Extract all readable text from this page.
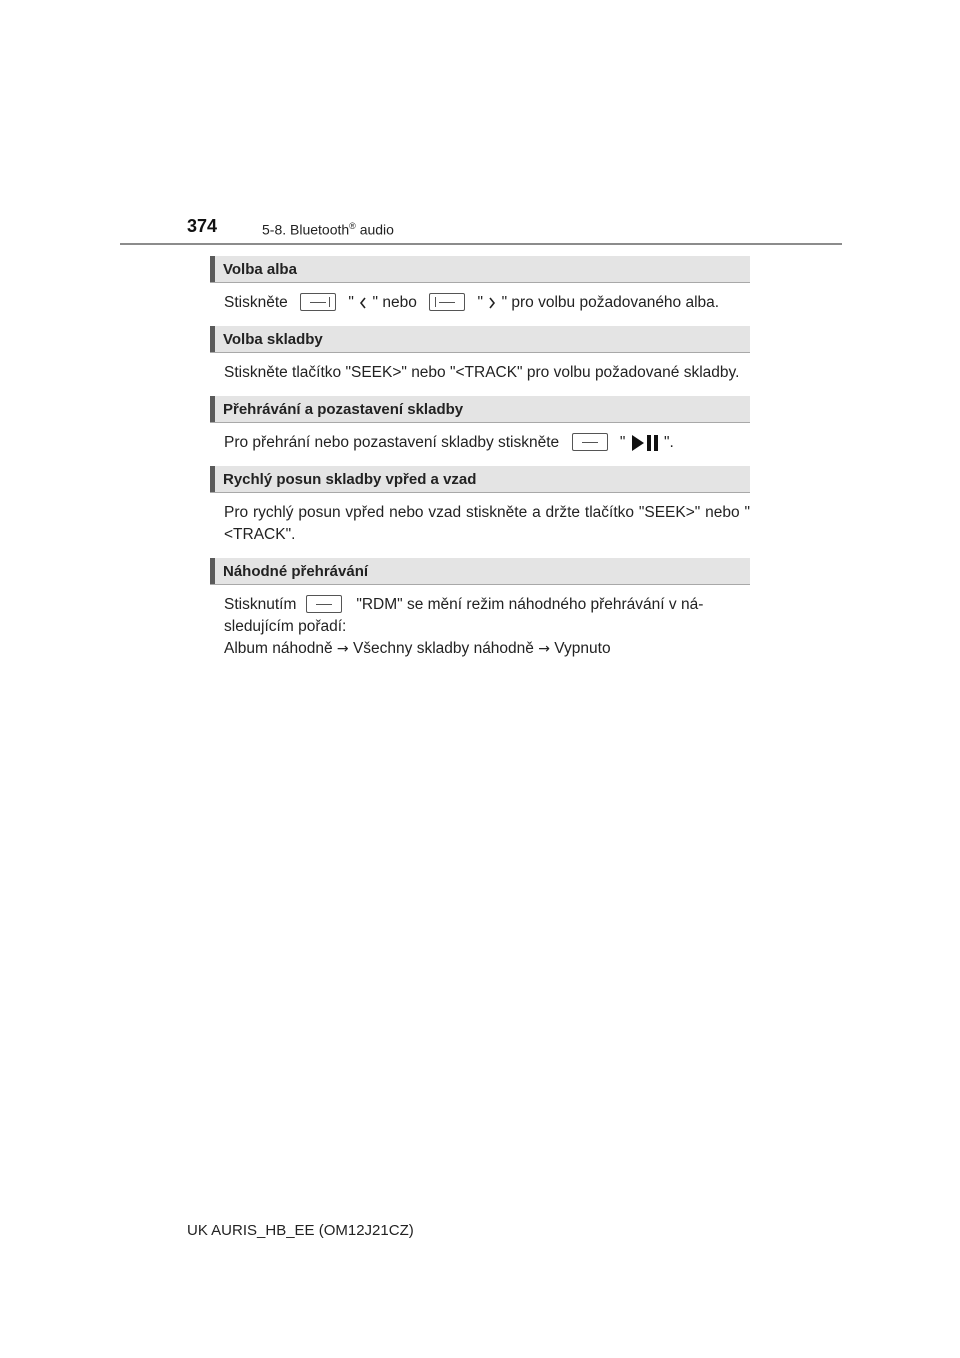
374	5-8. Bluetooth® audio
Volba alba
Stiskněte	" " nebo	" " pro volbu požadovaného alba.
Volba skladby
Stiskněte tlačítko "SEEK>" nebo "<TRACK" pro volbu požadované skladby.
Přehrávání a pozastavení skladby
Pro přehrání nebo pozastavení skladby stiskněte	" ".
Rychlý posun skladby vpřed a vzad
Pro rychlý posun vpřed nebo vzad stiskněte a držte tlačítko "SEEK>" nebo "<TRACK".
Náhodné přehrávání
Stisknutím	"RDM" se mění režim náhodného přehrávání v ná-
sledujícím pořadí:
Album náhodně → Všechny skladby náhodně → Vypnuto
UK AURIS_HB_EE (OM12J21CZ)
